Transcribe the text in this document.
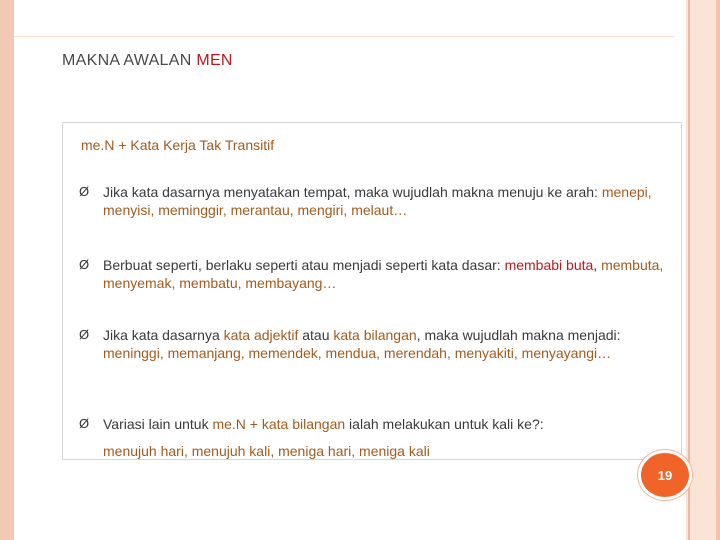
MAKNA AWALAN MEN
me.N + Kata Kerja Tak Transitif
Ø Jika kata dasarnya menyatakan tempat, maka wujudlah makna menuju ke arah: menepi, menyisi, meminggir, merantau, mengiri, melaut…
Ø Berbuat seperti, berlaku seperti atau menjadi seperti kata dasar: membabi buta, membuta, menyemak, membatu, membayang…
Ø Jika kata dasarnya kata adjektif atau kata bilangan, maka wujudlah makna menjadi: meninggi, memanjang, memendek, mendua, merendah, menyakiti, menyayangi…
Ø Variasi lain untuk me.N + kata bilangan ialah melakukan untuk kali ke?:
menujuh hari, menujuh kali, meniga hari, meniga kali
19
